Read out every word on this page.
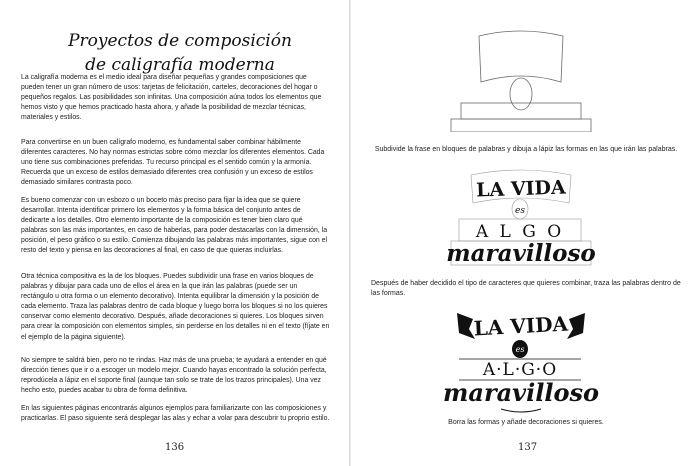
Proyectos de composición
de caligrafía moderna

La caligrafía moderna es el medio ideal para diseñar pequeñas y grandes composiciones que pueden tener un gran número de usos: tarjetas de felicitación, carteles, decoraciones del hogar o pequeños regalos. Las posibilidades son infinitas. Una composición aúna todos los elementos que hemos visto y que hemos practicado hasta ahora, y añade la posibilidad de mezclar técnicas, materiales y estilos.

Para convertirse en un buen calígrafo moderno, es fundamental saber combinar hábilmente diferentes caracteres. No hay normas estrictas sobre cómo mezclar los diferentes elementos. Cada uno tiene sus combinaciones preferidas. Tu recurso principal es el sentido común y la armonía. Recuerda que un exceso de estilos demasiado diferentes crea confusión y un exceso de estilos demasiado similares contrasta poco.

Es bueno comenzar con un esbozo o un boceto más preciso para fijar la idea que se quiere desarrollar. Intenta identificar primero los elementos y la forma básica del conjunto antes de dedicarte a los detalles. Otro elemento importante de la composición es tener bien claro qué palabras son las más importantes, en caso de haberlas, para poder destacarlas con la dimensión, la posición, el peso gráfico o su estilo. Comienza dibujando las palabras más importantes, sigue con el resto del texto y piensa en las decoraciones al final, en caso de que quieras incluirlas.

Otra técnica compositiva es la de los bloques. Puedes subdividir una frase en varios bloques de palabras y dibujar para cada uno de ellos el área en la que irán las palabras (puede ser un rectángulo u otra forma o un elemento decorativo). Intenta equilibrar la dimensión y la posición de cada elemento. Traza las palabras dentro de cada bloque y luego borra los bloques si no los quieres conservar como elemento decorativo. Después, añade decoraciones si quieres. Los bloques sirven para crear la composición con elementos simples, sin perderse en los detalles ni en el texto (fíjate en el ejemplo de la página siguiente).

No siempre te saldrá bien, pero no te rindas. Haz más de una prueba; te ayudará a entender en qué dirección tienes que ir o a escoger un modelo mejor. Cuando hayas encontrado la solución perfecta, reprodúcela a lápiz en el soporte final (aunque tan solo se trate de los trazos principales). Una vez hecho esto, puedes acabar tu obra de forma definitiva.

En las siguientes páginas encontrarás algunos ejemplos para familiarizarte con las composiciones y practicarlas. El paso siguiente será desplegar las alas y echar a volar para descubrir tu proprio estilo.

136
Subdivide la frase en bloques de palabras y dibuja a lápiz las formas en las que irán las palabras.
LA VIDA
es
A L G O
maravilloso
Después de haber decidido el tipo de caracteres que quieres combinar, traza las palabras dentro de las formas.
LA VIDA
es
A·L·G·O
maravilloso
Borra las formas y añade decoraciones si quieres.
137
